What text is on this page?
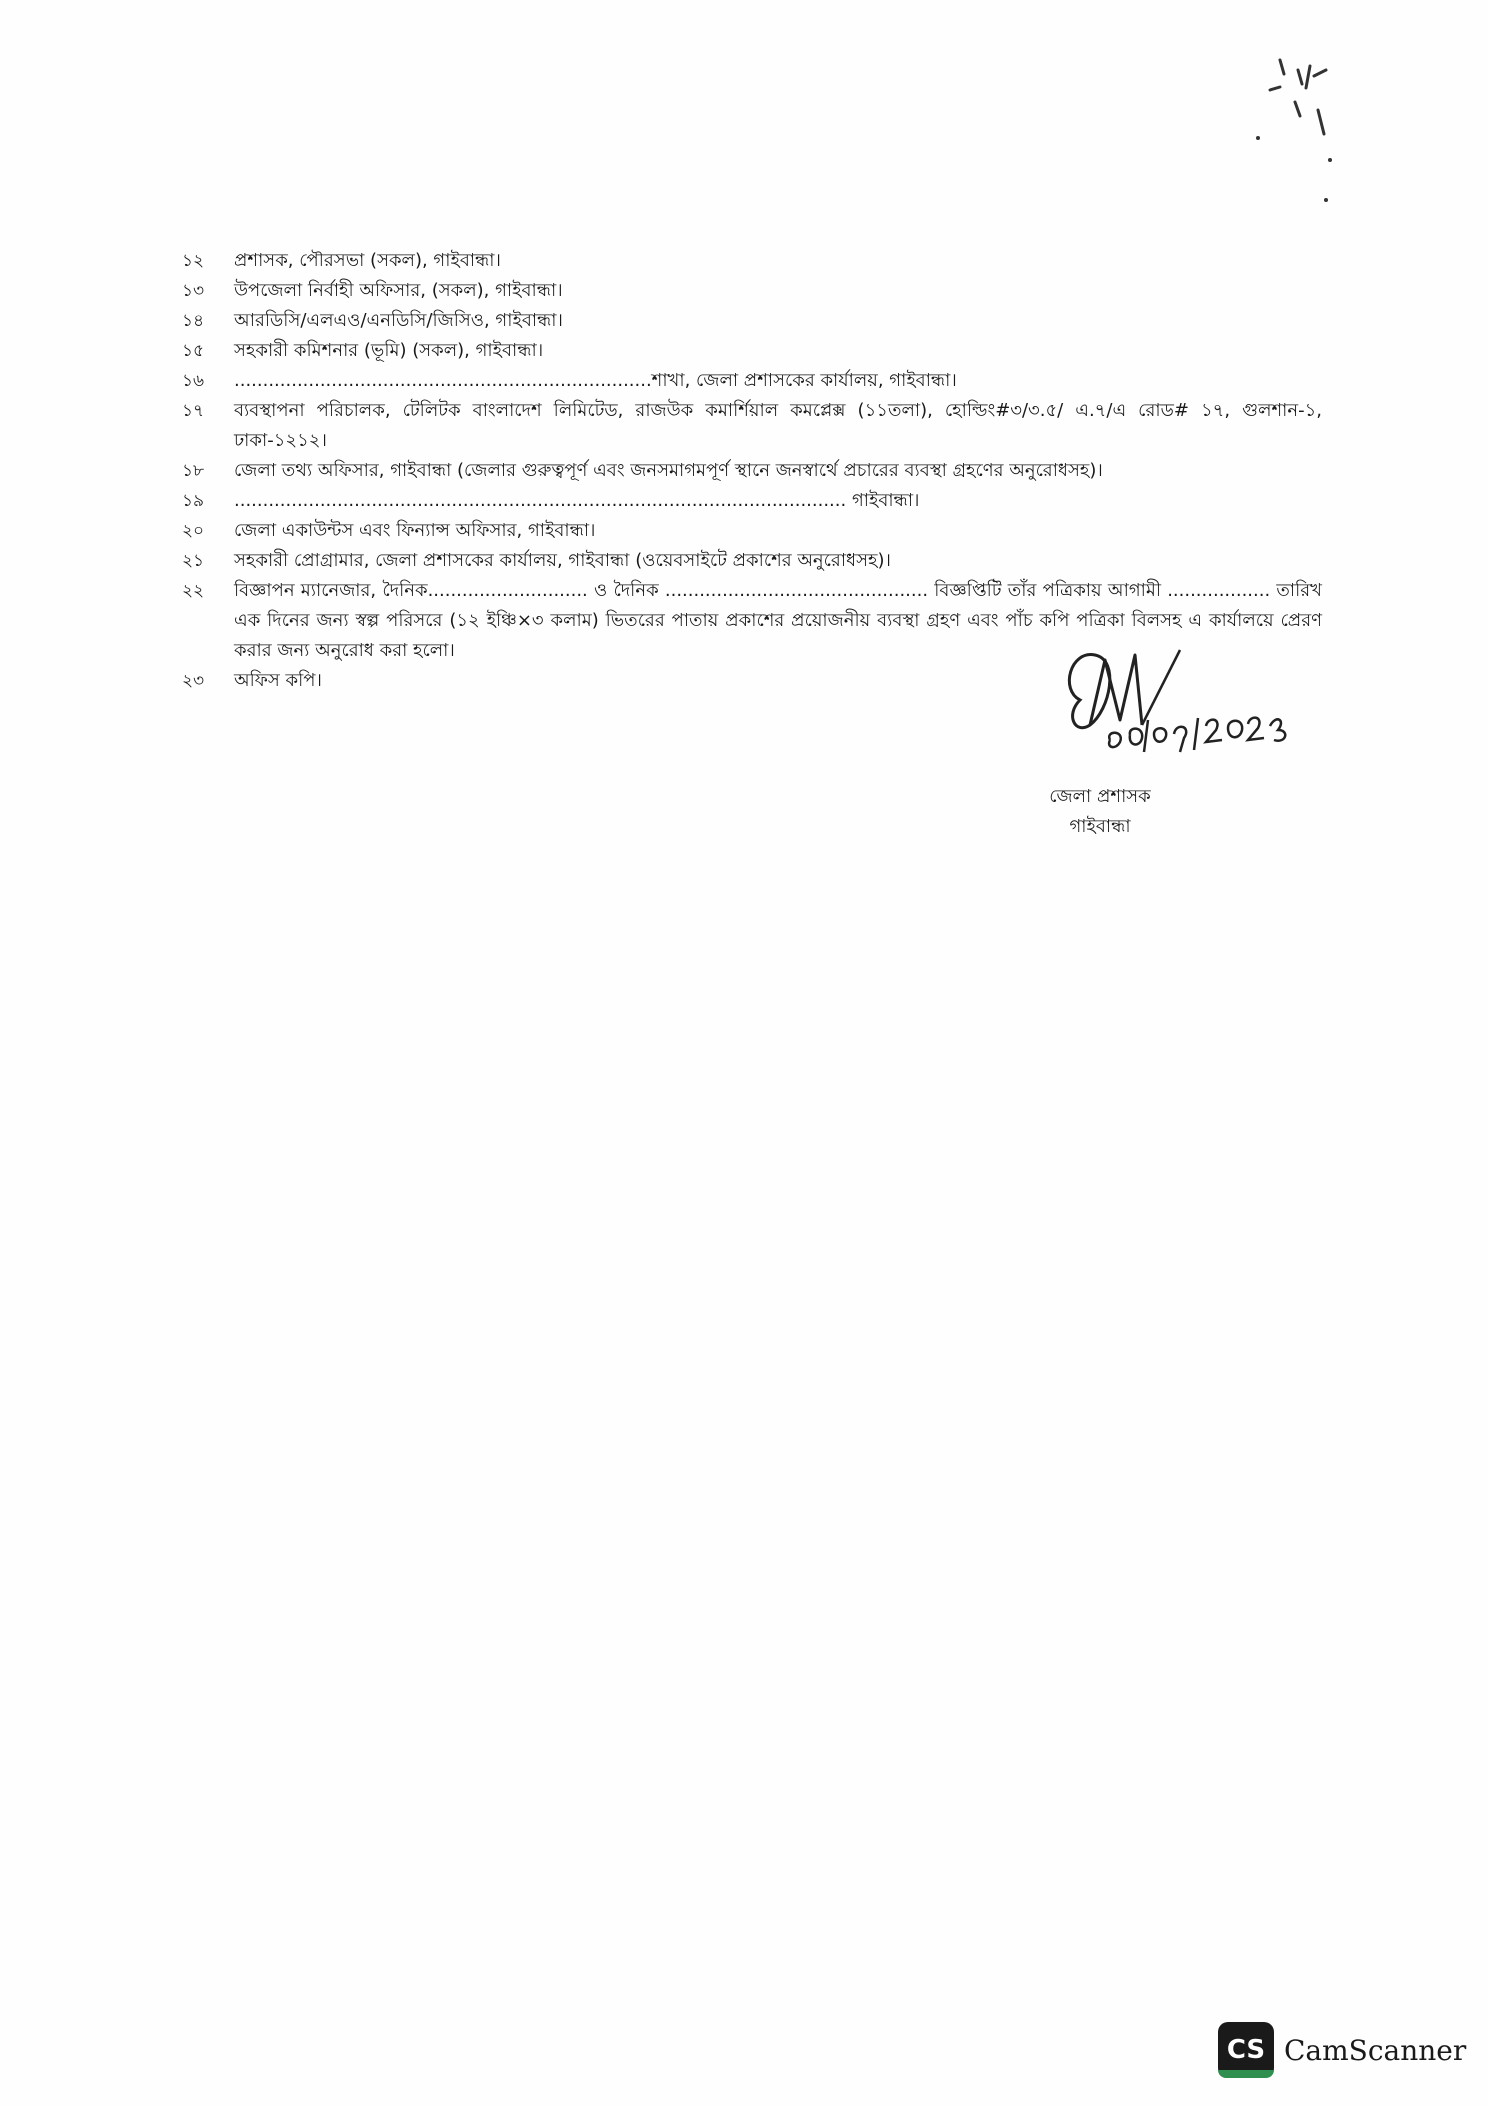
১২	প্রশাসক, পৌরসভা (সকল), গাইবান্ধা।
১৩	উপজেলা নির্বাহী অফিসার, (সকল), গাইবান্ধা।
১৪	আরডিসি/এলএও/এনডিসি/জিসিও, গাইবান্ধা।
১৫	সহকারী কমিশনার (ভূমি) (সকল), গাইবান্ধা।
১৬	.........................................................................শাখা, জেলা প্রশাসকের কার্যালয়, গাইবান্ধা।
১৭	ব্যবস্থাপনা পরিচালক, টেলিটক বাংলাদেশ লিমিটেড, রাজউক কমার্শিয়াল কমপ্লেক্স (১১তলা), হোল্ডিং#৩/৩.৫/ এ.৭/এ রোড# ১৭, গুলশান-১, ঢাকা-১২১২।
১৮	জেলা তথ্য অফিসার, গাইবান্ধা (জেলার গুরুত্বপূর্ণ এবং জনসমাগমপূর্ণ স্থানে জনস্বার্থে প্রচারের ব্যবস্থা গ্রহণের অনুরোধসহ)।
১৯	........................................................................................................... গাইবান্ধা।
২০	জেলা একাউন্টস এবং ফিন্যান্স অফিসার, গাইবান্ধা।
২১	সহকারী প্রোগ্রামার, জেলা প্রশাসকের কার্যালয়, গাইবান্ধা (ওয়েবসাইটে প্রকাশের অনুরোধসহ)।
২২	বিজ্ঞাপন ম্যানেজার, দৈনিক............................ ও দৈনিক .............................................. বিজ্ঞপ্তিটি তাঁর পত্রিকায় আগামী .................. তারিখ এক দিনের জন্য স্বল্প পরিসরে (১২ ইঞ্চি×৩ কলাম) ভিতরের পাতায় প্রকাশের প্রয়োজনীয় ব্যবস্থা গ্রহণ এবং পাঁচ কপি পত্রিকা বিলসহ এ কার্যালয়ে প্রেরণ করার জন্য অনুরোধ করা হলো।
২৩	অফিস কপি।
জেলা প্রশাসক
গাইবান্ধা
CS CamScanner
